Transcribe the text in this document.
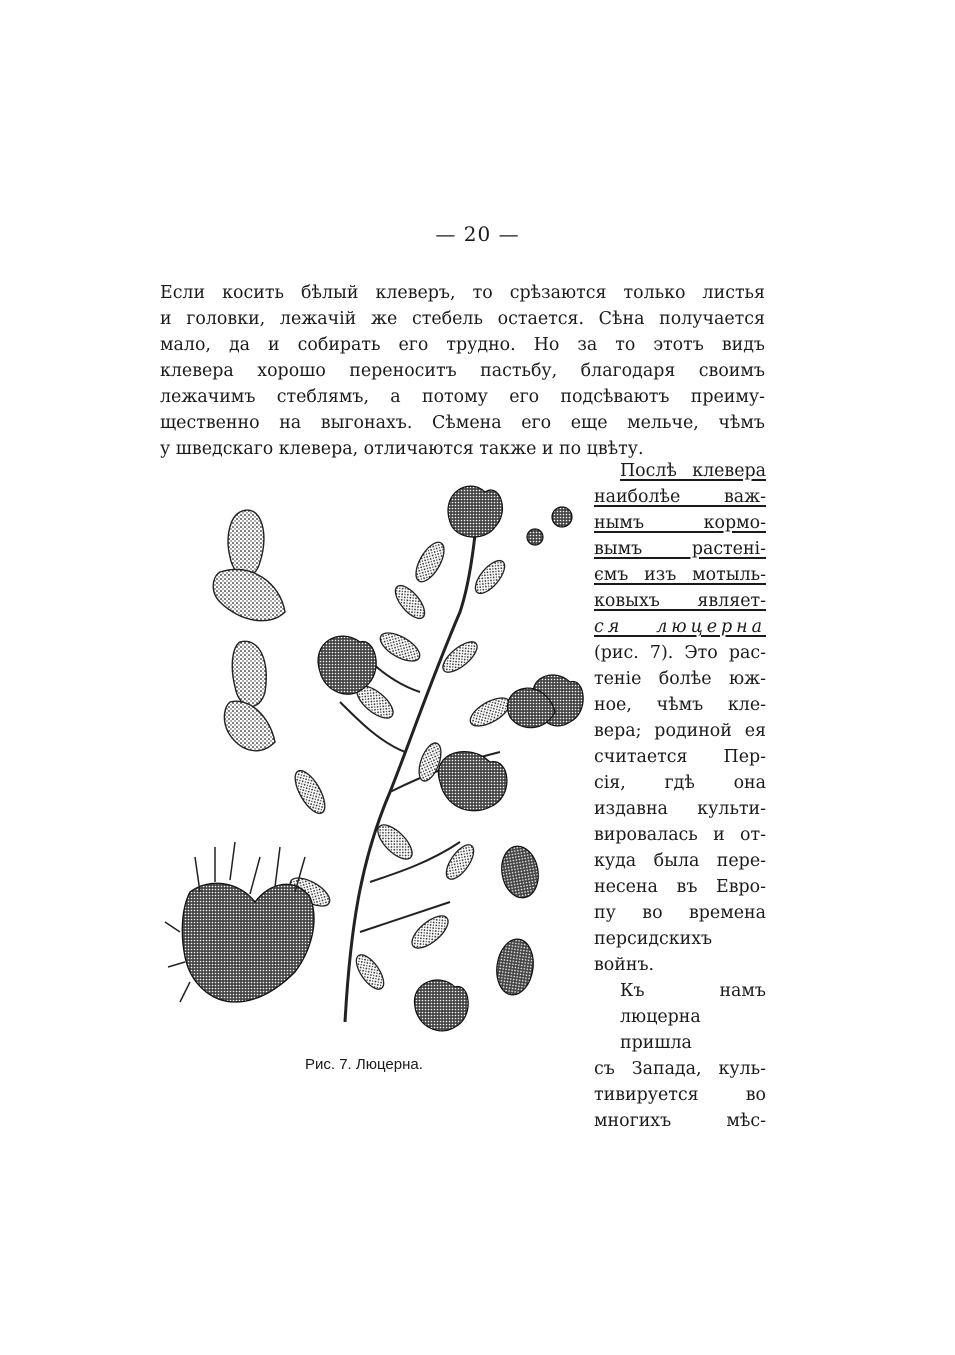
— 20 —
Если косить бѣлый клеверъ, то срѣзаются только листья
и головки, лежачiй же стебель остается. Сѣна получается
мало, да и собирать его трудно. Но за то этотъ видъ
клевера хорошо переноситъ пастьбу, благодаря своимъ
лежачимъ стеблямъ, а потому его подсѣваютъ преиму-
щественно на выгонахъ. Сѣмена его еще мельче, чѣмъ
у шведскаго клевера, отличаются также и по цвѣту.
Послѣ клевера
наиболѣе важ-
нымъ кормо-
вымъ растенi-
ємъ изъ мотыль-
ковыхъ являет-
ся люцерна
(рис. 7). Это рас-
тенiе болѣе юж-
ное, чѣмъ кле-
вера; родиной ея
считается Пер-
сiя, гдѣ она
издавна культи-
вировалась и от-
куда была пере-
несена въ Евро-
пу во времена
персидскихъ
войнъ.
Къ намъ люцерна пришла
съ Запада, куль-
тивируется во
многихъ мѣс-
Рис. 7. Люцерна.
